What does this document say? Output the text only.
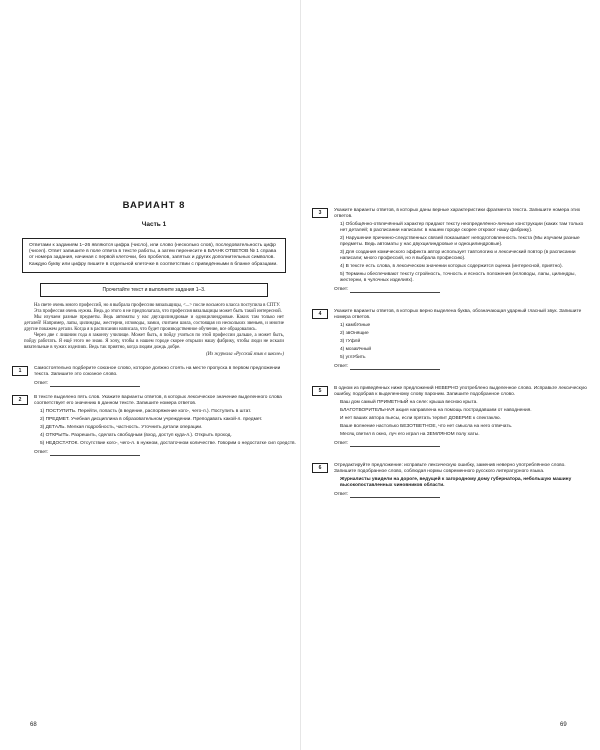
ВАРИАНТ 8
Часть 1
Ответами к заданиям 1–26 являются цифра (число), или слово (несколько слов), последовательность цифр (чисел). Ответ запишите в поле ответа в тексте работы, а затем перенесите в БЛАНК ОТВЕТОВ № 1 справа от номера задания, начиная с первой клеточки, без пробелов, запятых и других дополнительных символов. Каждую букву или цифру пишите в отдельной клеточке в соответствии с приведёнными в бланке образцами.
Прочитайте текст и выполните задания 1–3.

На свете очень много профессий, но я выбрала профессию вязальщицы, <...> после восьмого класса поступила в СПТУ.

Эта профессия очень нужна. Ведь до этого я не предполагала, что профессия вязальщицы может быть такой интересной.

Мы изучаем разные предметы. Ведь автоматы у нас двухцилиндровые и одноцилиндровые. Каких там только нет деталей! Например, лапы, цилиндры, жестерни, игловоды, замки, считаем шила, состоящая из нескольких звеньев, и многие другие покажем детали. Когда я в расписании написала, что будет производственное обучение, все обрадовались.

Через две с лишним года я закончу училище. Может быть, я пойду учиться по этой профессии дальше, а может быть, пойду работать. Я ещё этого не знаю. Я хочу, чтобы в нашем городе скорее открыли нашу фабрику, чтобы люди не искали вязательные в чужих изделиях. Ведь так приятно, когда людям дождь добре.

(Из журнала «Русский язык в школе»)
1	Самостоятельно подберите союзное слово, которое должно стоять на месте пропуска в первом предложении текста. Запишите это союзное слово.
Ответ:
2	В тексте выделено пять слов. Укажите варианты ответов, в которых лексическое значение выделенного слова соответствует его значению в данном тексте. Запишите номера ответов.
1) ПОСТУПИТЬ. Перейти, попасть (в ведение, распоряжение кого-, чего-л.). Поступить в штат.
2) ПРЕДМЕТ. Учебная дисциплина в образовательном учреждении. Преподавать какой-л. предмет.
3) ДЕТАЛЬ. Мелкая подробность, частность. Уточнить детали операции.
4) ОТКРЫТЬ. Разрешить, сделать свободным (вход, доступ куда-л.). Открыть проход.
5) НЕДОСТАТОК. Отсутствие кого-, чего-л. в нужном, достаточном количестве. Говорим о недостатке сил средств.
Ответ:
68
3	Укажите варианты ответов, в которых даны верные характеристики фрагмента текста. Запишите номера этих ответов.
1) Обобщённо-отвлечённый характер придают тексту неопределённо-личные конструкции (каких там только нет деталей; в расписании написали: в нашем городе скорее откроют нашу фабрику).
2) Нарушение причинно-следственных связей показывает неподготовленность текста (Мы изучаем разные предметы. Ведь автоматы у нас двухцилиндровые и одноцилиндровые).
3) Для создания комического эффекта автор использует тавтологию и лексический повтор (в расписании написали; много профессий, но я выбрала профессию).
4) В тексте есть слова, в лексическом значении которых содержится оценка (интересной, приятно).
5) Термины обеспечивают тексту стройность, точность и ясность положения (игловоды, лапы, цилиндры, жестерни, в чулочных изделиях).
Ответ:
4	Укажите варианты ответов, в которых верно выделена буква, обозначающая ударный гласный звук. Запишите номера ответов.
1) камбУзные
2) звОнящие
3) тУфлй
4) мозаИчный
5) углУбить
Ответ:
5	В одном из приведённых ниже предложений НЕВЕРНО употреблено выделенное слово. Исправьте лексическую ошибку, подобрав к выделенному слову пароним. Запишите подобранное слово.
Ваш дом самый ПРИМЕТНЫЙ на селе: крыша весною крыта.
БЛАГОТВОРИТЕЛЬНАЯ акция направлена на помощь пострадавшим от наводнения.
И нет ваших автора пьесы, если прятать терпит ДОВЕРИЕ к спектаклю.
Ваше волнение настолько БЕЗОТВЕТНОЕ, что нет смысла на него отвечать.
Месяц светил в окно, луч его играл на ЗЕМЛЯНОМ полу хаты.
Ответ:
6	Отредактируйте предложение: исправьте лексическую ошибку, заменив неверно употреблённое слово. Запишите подобранное слово, соблюдая нормы современного русского литературного языка.
Журналисты увидели на дороге, ведущей к загородному дому губернатора, небольшую машину высокопоставленных чиновников области.
Ответ:
69
